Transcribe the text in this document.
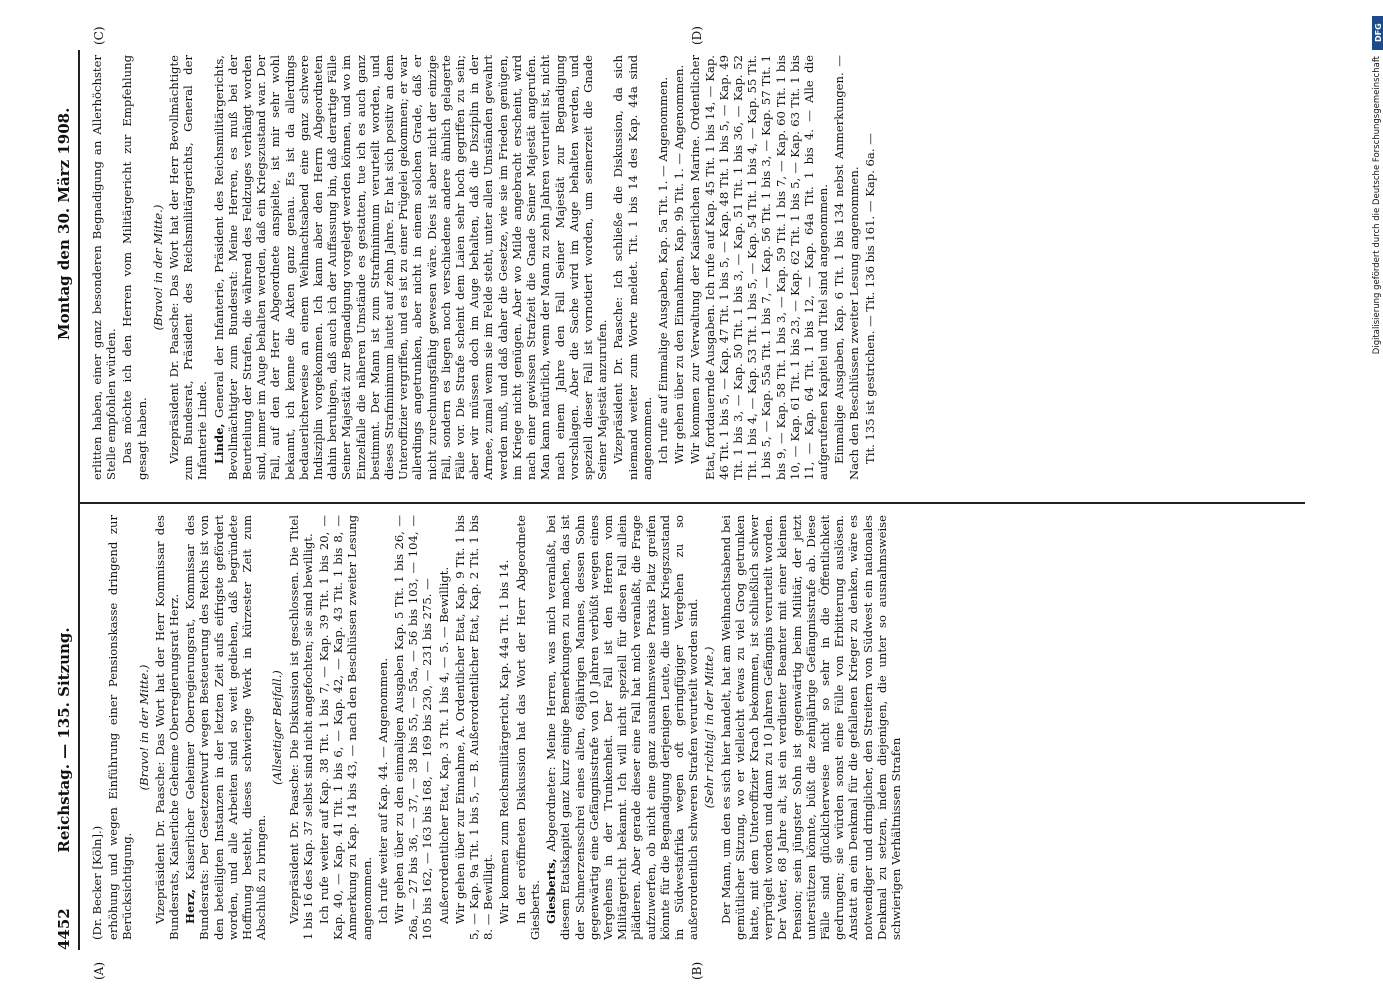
4452
Reichstag. — 135. Sitzung.
Montag den 30. März 1908.
(A)	(B)
(C)	(D)

(Dr. Becker [Köln].) erhöhung und wegen Einführung einer Pensionskasse dringend zur Berücksichtigung.

(Bravo! in der Mitte.) Vizepräsident Dr. Paasche: Das Wort hat der Herr Kommissar des Bundesrats, Kaiserliche Geheime Oberregierungsrat Herz. Herz, Kaiserlicher Geheimer Oberregierungsrat, Kommissar des Bundesrats: Der Gesetzentwurf wegen Besteuerung des Reichs ist von den beteiligten Instanzen in der letzten Zeit aufs eifrigste gefördert worden, und alle Arbeiten sind so weit gediehen, daß begründete Hoffnung besteht, dieses schwierige Werk in kürzester Zeit zum Abschluß zu bringen.

(Allseitiger Beifall.) Vizepräsident Dr. Paasche: Die Diskussion ist geschlossen. Die Titel 1 bis 16 des Kap. 37 selbst sind nicht angefochten; sie sind bewilligt. Ich rufe weiter auf Kap. 38 Tit. 1 bis 7, — Kap. 39 Tit. 1 bis 20, — Kap. 40, — Kap. 41 Tit. 1 bis 6, — Kap. 42, — Kap. 43 Tit. 1 bis 8, — Anmerkung zu Kap. 14 bis 43, — nach den Beschlüssen zweiter Lesung angenommen. Ich rufe weiter auf Kap. 44. — Angenommen. Wir gehen über zu den einmaligen Ausgaben Kap. 5 Tit. 1 bis 26, — 26a, — 27 bis 36, — 37, — 38 bis 55, — 55a, — 56 bis 103, — 104, — 105 bis 162, — 163 bis 168, — 169 bis 230, — 231 bis 275. — Außerordentlicher Etat, Kap. 3 Tit. 1 bis 4, — 5. — Bewilligt. Wir gehen über zur Einnahme, A. Ordentlicher Etat, Kap. 9 Tit. 1 bis 5, — Kap. 9a Tit. 1 bis 5, — B. Außerordentlicher Etat, Kap. 2 Tit. 1 bis 8. — Bewilligt. Wir kommen zum Reichsmilitärgericht, Kap. 44a Tit. 1 bis 14. In der eröffneten Diskussion hat das Wort der Herr Abgeordnete Giesberts. Giesberts, Abgeordneter: Meine Herren, was mich veranlaßt, bei diesem Etatskapitel ganz kurz einige Bemerkungen zu machen, das ist der Schmerzensschrei eines alten, 68jährigen Mannes, dessen Sohn gegenwärtig eine Gefängnisstrafe von 10 Jahren verbüßt wegen eines Vergehens in der Trunkenheit. Der Fall ist den Herren vom Militärgericht bekannt. Ich will nicht speziell für diesen Fall allein plädieren. Aber gerade dieser eine Fall hat mich veranlaßt, die Frage aufzuwerfen, ob nicht eine ganz ausnahmsweise Praxis Platz greifen könnte für die Begnadigung derjenigen Leute, die unter Kriegszustand in Südwestafrika wegen oft geringfügiger Vergehen zu so außerordentlich schweren Strafen verurteilt worden sind. (Sehr richtig! in der Mitte.) Der Mann, um den es sich hier handelt, hat am Weihnachtsabend bei gemütlicher Sitzung, wo er vielleicht etwas zu viel Grog getrunken hatte, mit dem Unteroffizier Krach bekommen, ist schließlich schwer verprügelt worden und dann zu 10 Jahren Gefängnis verurteilt worden. Der Vater, 68 Jahre alt, ist ein verdienter Beamter mit einer kleinen Pension; sein jüngster Sohn ist gegenwärtig beim Militär, der jetzt unterstützen könnte, büßt die zehnjährige Gefängnisstrafe ab. Diese Fälle sind glücklicherweise nicht so sehr in die Öffentlichkeit gedrungen; sie würden sonst eine Fülle von Erbitterung auslösen. Anstatt an ein Denkmal für die gefallenen Krieger zu denken, wäre es notwendiger und dringlicher, den Streitern von Südwest ein nationales Denkmal zu setzen, indem diejenigen, die unter so ausnahmsweise schwierigen Verhältnissen Strafen

erlitten haben, einer ganz besonderen Begnadigung an Allerhöchster Stelle empfohlen würden. Das möchte ich den Herren vom Militärgericht zur Empfehlung gesagt haben.

(Bravo! in der Mitte.) Vizepräsident Dr. Paasche: Das Wort hat der Herr Bevollmächtigte zum Bundesrat, Präsident des Reichsmilitärgerichts, General der Infanterie Linde. Linde, General der Infanterie, Präsident des Reichsmilitärgerichts, Bevollmächtigter zum Bundesrat: Meine Herren, es muß bei der Beurteilung der Strafen, die während des Feldzuges verhängt worden sind, immer im Auge behalten werden, daß ein Kriegszustand war. Der Fall, auf den der Herr Abgeordnete anspielte, ist mir sehr wohl bekannt, ich kenne die Akten ganz genau. Es ist da allerdings bedauerlicherweise an einem Weihnachtsabend eine ganz schwere Indisziplin vorgekommen. Ich kann aber den Herrn Abgeordneten dahin beruhigen, daß auch ich der Auffassung bin, daß derartige Fälle Seiner Majestät zur Begnadigung vorgelegt werden können, und wo im Einzelfalle die näheren Umstände es gestatten, tue ich es auch ganz bestimmt. Der Mann ist zum Strafminimum verurteilt worden, und dieses Strafminimum lautet auf zehn Jahre. Er hat sich positiv an dem Unteroffizier vergriffen, und es ist zu einer Prügelei gekommen; er war allerdings angetrunken, aber nicht in einem solchen Grade, daß er nicht zurechnungsfähig gewesen wäre. Dies ist aber nicht der einzige Fall, sondern es liegen noch verschiedene andere ähnlich gelagerte Fälle vor. Die Strafe scheint dem Laien sehr hoch gegriffen zu sein; aber wir müssen doch im Auge behalten, daß die Disziplin in der Armee, zumal wenn sie im Felde steht, unter allen Umständen gewahrt werden muß, und daß daher die Gesetze, wie sie im Frieden genügen, im Kriege nicht genügen. Aber wo Milde angebracht erscheint, wird nach einer gewissen Strafzeit die Gnade Seiner Majestät angerufen. Man kann natürlich, wenn der Mann zu zehn Jahren verurteilt ist, nicht nach einem Jahre den Fall Seiner Majestät zur Begnadigung vorschlagen. Aber die Sache wird im Auge behalten werden, und speziell dieser Fall ist vornotiert worden, um seinerzeit die Gnade Seiner Majestät anzurufen. Vizepräsident Dr. Paasche: Ich schließe die Diskussion, da sich niemand weiter zum Worte meldet. Tit. 1 bis 14 des Kap. 44a sind angenommen. Ich rufe auf Einmalige Ausgaben, Kap. 5a Tit. 1. — Angenommen. Wir gehen über zu den Einnahmen, Kap. 9b Tit. 1. — Angenommen. Wir kommen zur Verwaltung der Kaiserlichen Marine. Ordentlicher Etat, fortdauernde Ausgaben. Ich rufe auf Kap. 45 Tit. 1 bis 14, — Kap. 46 Tit. 1 bis 5, — Kap. 47 Tit. 1 bis 5, — Kap. 48 Tit. 1 bis 5, — Kap. 49 Tit. 1 bis 3, — Kap. 50 Tit. 1 bis 3, — Kap. 51 Tit. 1 bis 36, — Kap. 52 Tit. 1 bis 4, — Kap. 53 Tit. 1 bis 5, — Kap. 54 Tit. 1 bis 4, — Kap. 55 Tit. 1 bis 5, — Kap. 55a Tit. 1 bis 7, — Kap. 56 Tit. 1 bis 3, — Kap. 57 Tit. 1 bis 9, — Kap. 58 Tit. 1 bis 3, — Kap. 59 Tit. 1 bis 7, — Kap. 60 Tit. 1 bis 10, — Kap. 61 Tit. 1 bis 23, — Kap. 62 Tit. 1 bis 5, — Kap. 63 Tit. 1 bis 11, — Kap. 64 Tit. 1 bis 12, — Kap. 64a Tit. 1 bis 4. — Alle die aufgerufenen Kapitel und Titel sind angenommen. Einmalige Ausgaben, Kap. 6 Tit. 1 bis 134 nebst Anmerkungen. — Nach den Beschlüssen zweiter Lesung angenommen. Tit. 135 ist gestrichen. — Tit. 136 bis 161. — Kap. 6a. —

DFG
Digitalisierung gefördert durch die Deutsche Forschungsgemeinschaft
